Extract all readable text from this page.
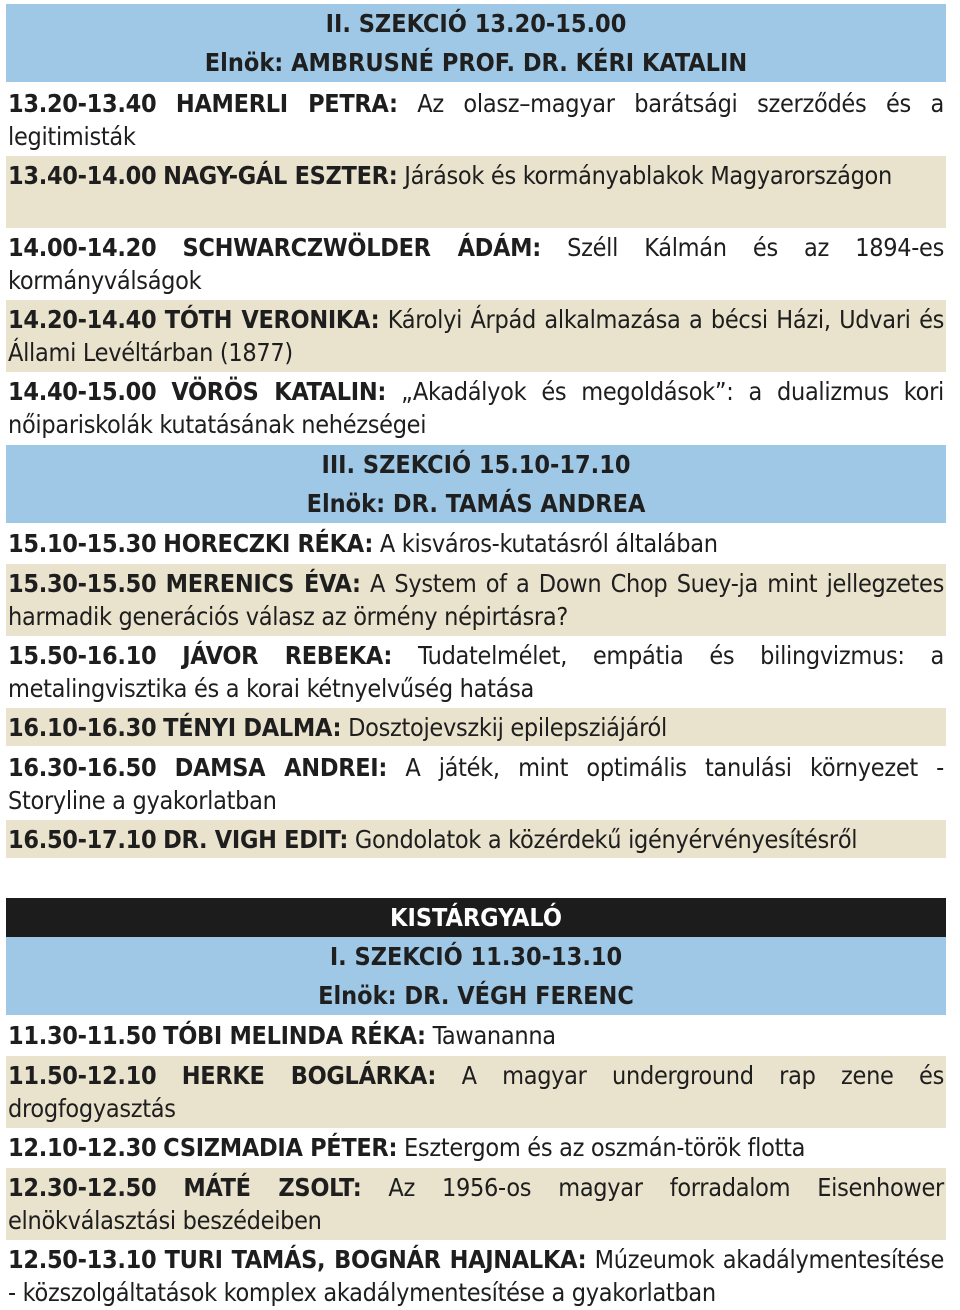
II. SZEKCIÓ 13.20-15.00
Elnök: AMBRUSNÉ PROF. DR. KÉRI KATALIN
13.20-13.40 HAMERLI PETRA: Az olasz–magyar barátsági szerződés és a legitimisták
13.40-14.00 NAGY-GÁL ESZTER: Járások és kormányablakok Magyarországon
14.00-14.20 SCHWARCZWÖLDER ÁDÁM: Széll Kálmán és az 1894-es kormányválságok
14.20-14.40 TÓTH VERONIKA: Károlyi Árpád alkalmazása a bécsi Házi, Udvari és Állami Levéltárban (1877)
14.40-15.00 VÖRÖS KATALIN: „Akadályok és megoldások”: a dualizmus kori nőipariskolák kutatásának nehézségei
III. SZEKCIÓ 15.10-17.10
Elnök: DR. TAMÁS ANDREA
15.10-15.30 HORECZKI RÉKA: A kisváros-kutatásról általában
15.30-15.50 MERENICS ÉVA: A System of a Down Chop Suey-ja mint jellegzetes harmadik generációs válasz az örmény népirtásra?
15.50-16.10 JÁVOR REBEKA: Tudatelmélet, empátia és bilingvizmus: a metalingvisztika és a korai kétnyelvűség hatása
16.10-16.30 TÉNYI DALMA: Dosztojevszkij epilepsziájáról
16.30-16.50 DAMSA ANDREI: A játék, mint optimális tanulási környezet - Storyline a gyakorlatban
16.50-17.10 DR. VIGH EDIT: Gondolatok a közérdekű igényérvényesítésről
KISTÁRGYALÓ
I. SZEKCIÓ 11.30-13.10
Elnök: DR. VÉGH FERENC
11.30-11.50 TÓBI MELINDA RÉKA: Tawananna
11.50-12.10 HERKE BOGLÁRKA: A magyar underground rap zene és drogfogyasztás
12.10-12.30 CSIZMADIA PÉTER: Esztergom és az oszmán-török flotta
12.30-12.50 MÁTÉ ZSOLT: Az 1956-os magyar forradalom Eisenhower elnökválasztási beszédeiben
12.50-13.10 TURI TAMÁS, BOGNÁR HAJNALKA: Múzeumok akadálymentesítése - közszolgáltatások komplex akadálymentesítése a gyakorlatban
